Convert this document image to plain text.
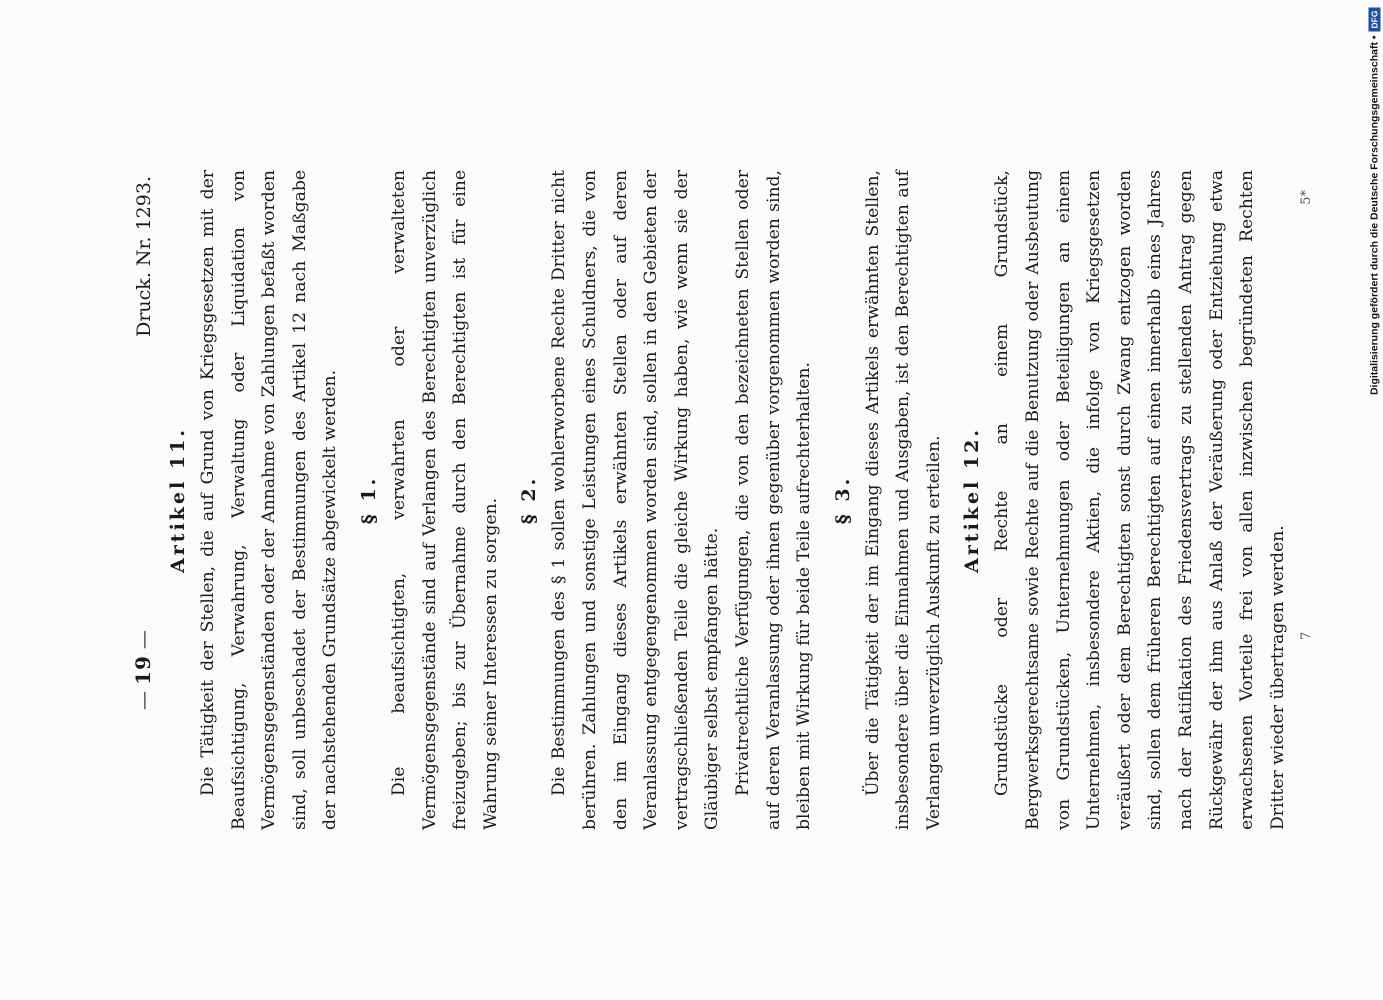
— 19 —
Druck. Nr. 1293.
Artikel 11. Die Tätigkeit der Stellen, die auf Grund von Kriegsgesetzen mit der Beaufsichtigung, Verwahrung, Verwaltung oder Liquidation von Vermögensgegenständen oder der Annahme von Zahlungen befaßt worden sind, soll unbeschadet der Bestimmungen des Artikel 12 nach Maßgabe der nachstehenden Grundsätze abgewickelt werden. § 1. Die beaufsichtigten, verwahrten oder verwalteten Vermögensgegenstände sind auf Verlangen des Berechtigten unverzüglich freizugeben; bis zur Übernahme durch den Berechtigten ist für eine Wahrung seiner Interessen zu sorgen. § 2. Die Bestimmungen des § 1 sollen wohlerworbene Rechte Dritter nicht berühren. Zahlungen und sonstige Leistungen eines Schuldners, die von den im Eingang dieses Artikels erwähnten Stellen oder auf deren Veranlassung entgegengenommen worden sind, sollen in den Gebieten der vertragschließenden Teile die gleiche Wirkung haben, wie wenn sie der Gläubiger selbst empfangen hätte. Privatrechtliche Verfügungen, die von den bezeichneten Stellen oder auf deren Veranlassung oder ihnen gegenüber vorgenommen worden sind, bleiben mit Wirkung für beide Teile aufrechterhalten. § 3. Über die Tätigkeit der im Eingang dieses Artikels erwähnten Stellen, insbesondere über die Einnahmen und Ausgaben, ist den Berechtigten auf Verlangen unverzüglich Auskunft zu erteilen. Artikel 12. Grundstücke oder Rechte an einem Grundstück, Bergwerksgerechtsame sowie Rechte auf die Benutzung oder Ausbeutung von Grundstücken, Unternehmungen oder Beteiligungen an einem Unternehmen, insbesondere Aktien, die infolge von Kriegsgesetzen veräußert oder dem Berechtigten sonst durch Zwang entzogen worden sind, sollen dem früheren Berechtigten auf einen innerhalb eines Jahres nach der Ratifikation des Friedensvertrags zu stellenden Antrag gegen Rückgewähr der ihm aus Anlaß der Veräußerung oder Entziehung etwa erwachsenen Vorteile frei von allen inzwischen begründeten Rechten Dritter wieder übertragen werden. 7
5*	Digitalisierung gefördert durch die Deutsche Forschungsgemeinschaft •
DFG
